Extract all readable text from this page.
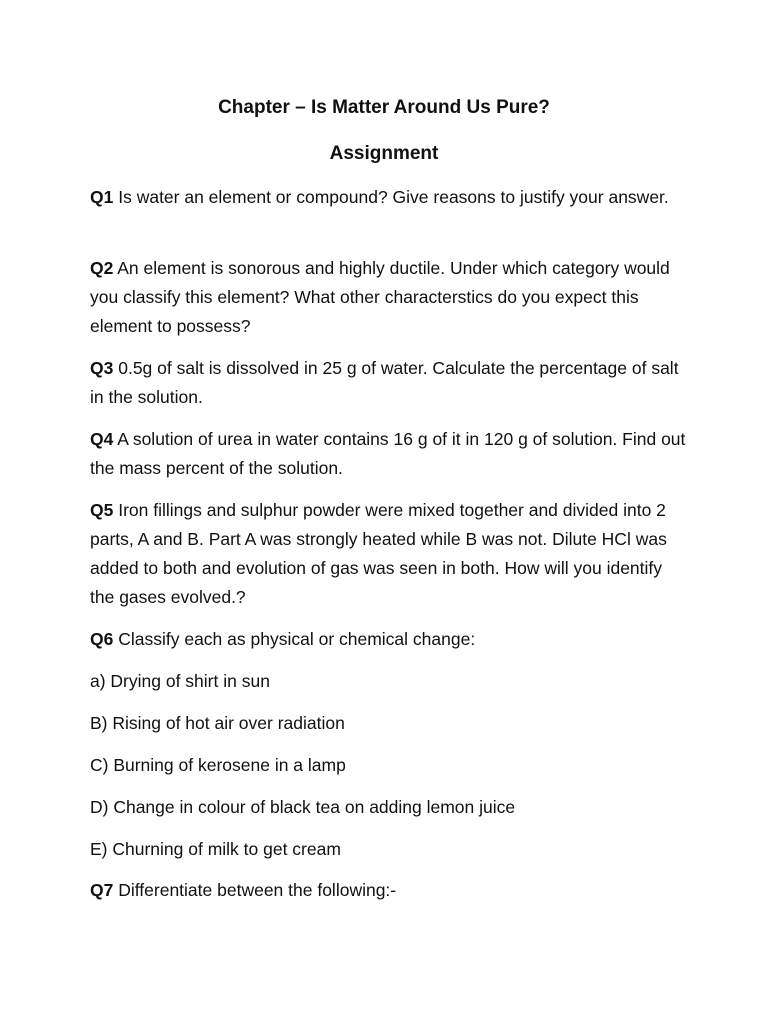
Chapter – Is Matter Around Us Pure?
Assignment

Q1 Is water an element or compound? Give reasons to justify your answer.

Q2 An element is sonorous and highly ductile. Under which category would you classify this element? What other characterstics do you expect this element to possess?

Q3 0.5g of salt is dissolved in 25 g of water. Calculate the percentage of salt in the solution.

Q4 A solution of urea in water contains 16 g of it in 120 g of solution. Find out the mass percent of the solution.

Q5 Iron fillings and sulphur powder were mixed together and divided into 2 parts, A and B. Part A was strongly heated while B was not. Dilute HCl was added to both and evolution of gas was seen in both. How will you identify the gases evolved.?

Q6 Classify each as physical or chemical change:

a) Drying of shirt in sun

B) Rising of hot air over radiation

C) Burning of kerosene in a lamp

D) Change in colour of black tea on adding lemon juice

E) Churning of milk to get cream

Q7 Differentiate between the following:-
